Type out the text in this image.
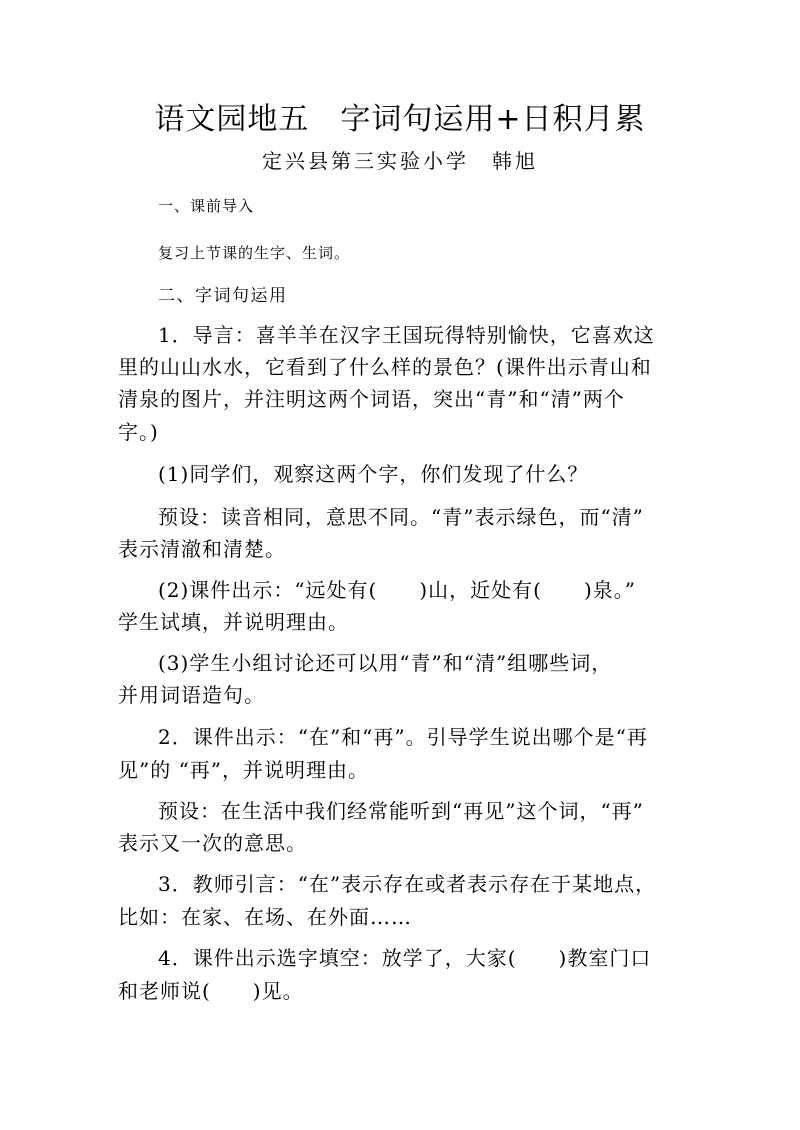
语文园地五　字词句运用+日积月累
定兴县第三实验小学　韩旭
一、课前导入
复习上节课的生字、生词。
二、字词句运用
1．导言：喜羊羊在汉字王国玩得特别愉快，它喜欢这
里的山山水水，它看到了什么样的景色？(课件出示青山和
清泉的图片，并注明这两个词语，突出“青”和“清”两个
字。)
(1)同学们，观察这两个字，你们发现了什么？
预设：读音相同，意思不同。“青”表示绿色，而“清”
表示清澈和清楚。
(2)课件出示：“远处有(　　)山，近处有(　　)泉。”
学生试填，并说明理由。
(3)学生小组讨论还可以用“青”和“清”组哪些词，
并用词语造句。
2．课件出示：“在”和“再”。引导学生说出哪个是“再
见”的 “再”，并说明理由。
预设：在生活中我们经常能听到“再见”这个词，“再”
表示又一次的意思。
3．教师引言：“在”表示存在或者表示存在于某地点，
比如：在家、在场、在外面……
4．课件出示选字填空：放学了，大家(　　)教室门口
和老师说(　　)见。
